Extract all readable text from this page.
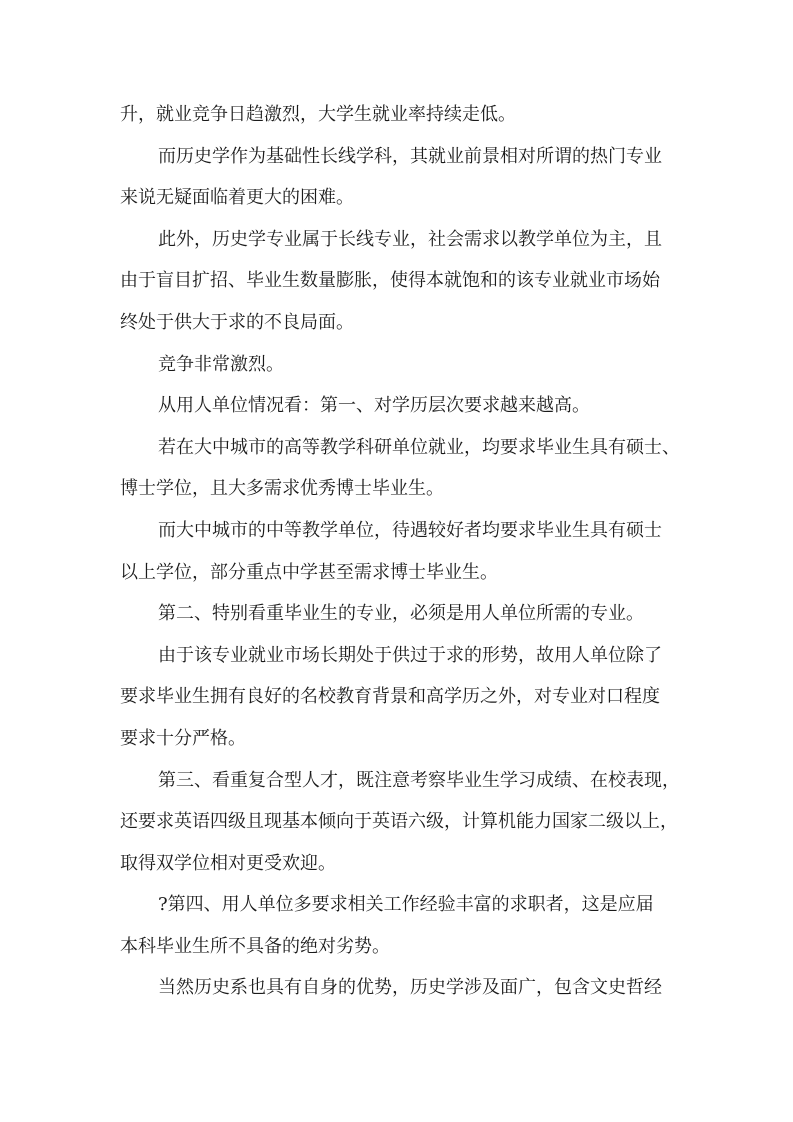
升，就业竞争日趋激烈，大学生就业率持续走低。
而历史学作为基础性长线学科，其就业前景相对所谓的热门专业
来说无疑面临着更大的困难。
此外，历史学专业属于长线专业，社会需求以教学单位为主，且
由于盲目扩招、毕业生数量膨胀，使得本就饱和的该专业就业市场始
终处于供大于求的不良局面。
竞争非常激烈。
从用人单位情况看：第一、对学历层次要求越来越高。
若在大中城市的高等教学科研单位就业，均要求毕业生具有硕士、
博士学位，且大多需求优秀博士毕业生。
而大中城市的中等教学单位，待遇较好者均要求毕业生具有硕士
以上学位，部分重点中学甚至需求博士毕业生。
第二、特别看重毕业生的专业，必须是用人单位所需的专业。
由于该专业就业市场长期处于供过于求的形势，故用人单位除了
要求毕业生拥有良好的名校教育背景和高学历之外，对专业对口程度
要求十分严格。
第三、看重复合型人才，既注意考察毕业生学习成绩、在校表现，
还要求英语四级且现基本倾向于英语六级，计算机能力国家二级以上，
取得双学位相对更受欢迎。
?第四、用人单位多要求相关工作经验丰富的求职者，这是应届
本科毕业生所不具备的绝对劣势。
当然历史系也具有自身的优势，历史学涉及面广，包含文史哲经
